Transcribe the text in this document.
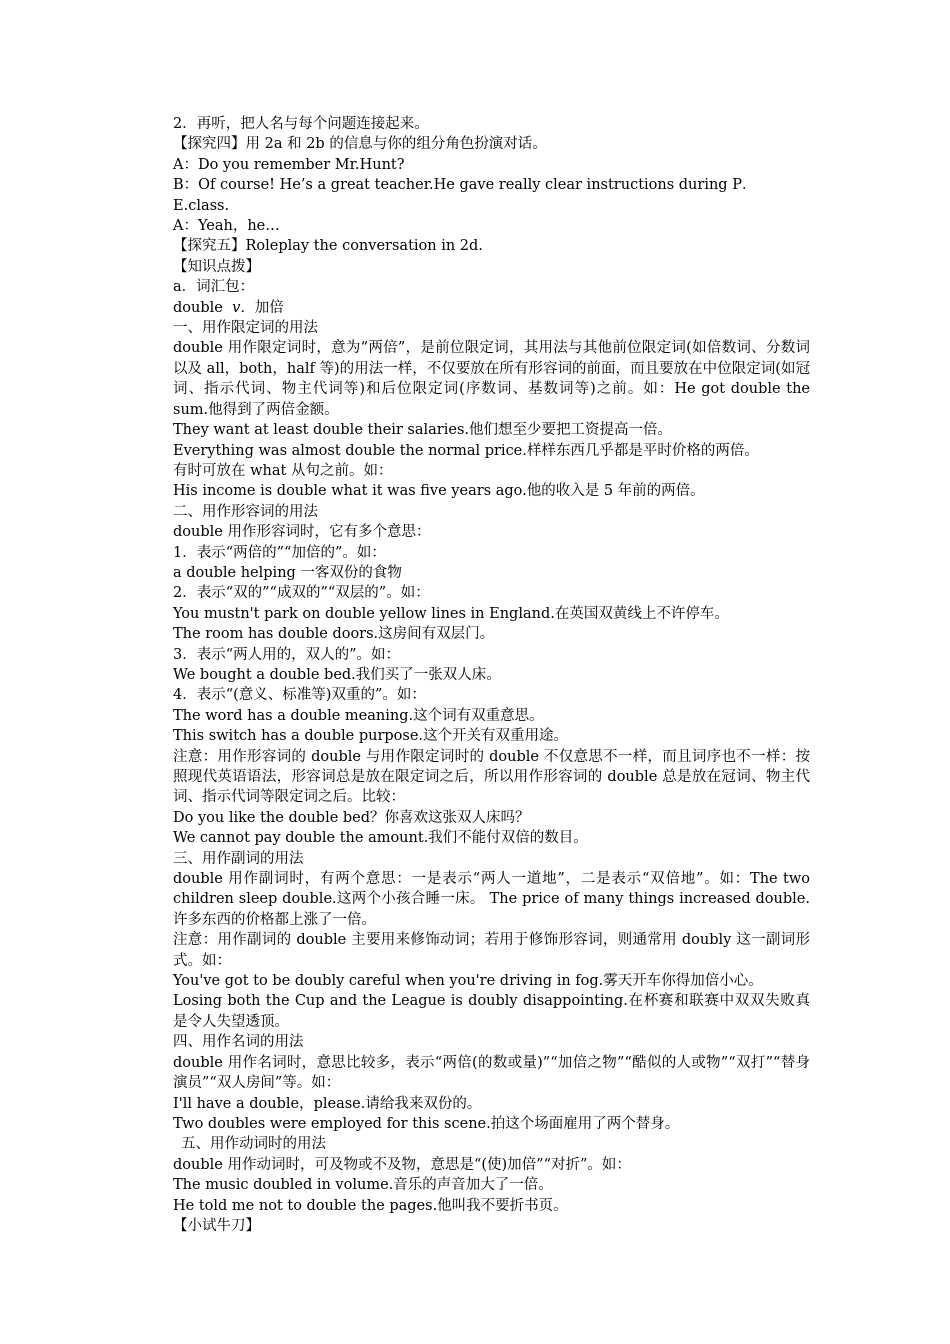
2．再听，把人名与每个问题连接起来。

【探究四】用 2a 和 2b 的信息与你的组分角色扮演对话。

A：Do you remember Mr.Hunt?

B：Of course! He’s a great teacher.He gave really clear instructions during P．E.class.

A：Yeah，he…

【探究五】Roleplay the conversation in 2d.

【知识点拨】

a．词汇包：

double v．加倍

一、用作限定词的用法

double 用作限定词时，意为“两倍”，是前位限定词，其用法与其他前位限定词(如倍数词、分数词以及 all，both，half 等)的用法一样，不仅要放在所有形容词的前面，而且要放在中位限定词(如冠词、指示代词、物主代词等)和后位限定词(序数词、基数词等)之前。如：He got double the sum.他得到了两倍金额。

They want at least double their salaries.他们想至少要把工资提高一倍。

Everything was almost double the normal price.样样东西几乎都是平时价格的两倍。

有时可放在 what 从句之前。如：

His income is double what it was five years ago.他的收入是 5 年前的两倍。

二、用作形容词的用法

double 用作形容词时，它有多个意思：

1．表示“两倍的”“加倍的”。如：

a double helping 一客双份的食物

2．表示“双的”“成双的”“双层的”。如：

You mustn't park on double yellow lines in England.在英国双黄线上不许停车。

The room has double doors.这房间有双层门。

3．表示“两人用的，双人的”。如：

We bought a double bed.我们买了一张双人床。

4．表示“(意义、标准等)双重的”。如：

The word has a double meaning.这个词有双重意思。

This switch has a double purpose.这个开关有双重用途。

注意：用作形容词的 double 与用作限定词时的 double 不仅意思不一样，而且词序也不一样：按照现代英语语法，形容词总是放在限定词之后，所以用作形容词的 double 总是放在冠词、物主代词、指示代词等限定词之后。比较：

Do you like the double bed？你喜欢这张双人床吗？

We cannot pay double the amount.我们不能付双倍的数目。

三、用作副词的用法

double 用作副词时，有两个意思：一是表示“两人一道地”，二是表示“双倍地”。如：The two children sleep double.这两个小孩合睡一床。 The price of many things increased double.许多东西的价格都上涨了一倍。

注意：用作副词的 double 主要用来修饰动词；若用于修饰形容词，则通常用 doubly 这一副词形式。如：

You've got to be doubly careful when you're driving in fog.雾天开车你得加倍小心。

Losing both the Cup and the League is doubly disappointing.在杯赛和联赛中双双失败真是令人失望透顶。

四、用作名词的用法

double 用作名词时，意思比较多，表示“两倍(的数或量)”“加倍之物”“酷似的人或物”“双打”“替身演员”“双人房间”等。如：

I'll have a double，please.请给我来双份的。

Two doubles were employed for this scene.拍这个场面雇用了两个替身。

五、用作动词时的用法

double 用作动词时，可及物或不及物，意思是“(使)加倍”“对折”。如：

The music doubled in volume.音乐的声音加大了一倍。

He told me not to double the pages.他叫我不要折书页。

【小试牛刀】
